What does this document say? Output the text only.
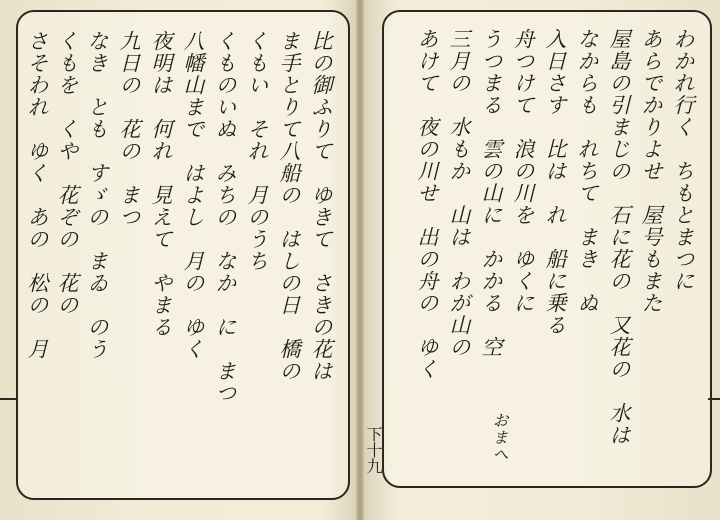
比の御ふりて　ゆきて　さきの花は
ま手とりて八船の　はしの日　橋の
くもい　それ　月のうち
くものいぬ　みちの　なか　に　まつ
八幡山まで　はよし　月の　ゆく
夜明は　何れ　見えて　やまる
九日の　花の　まつ
なき　とも　すゞの　まゐ　のう
くもを　くや　花ぞの　花の
さそわれ　ゆく　あの　松の　月	わかれ行く　ちもとまつに
あらでかりよせ　屋号もまた
屋島の引まじの　石に花の　又花の　水は
なからも　れちて　まき　ぬ
入日さす　比は　れ　船に乗る
舟つけて　浪の川を　ゆくに
うつまる　雲の山に　かかる　空
三月の　水もか　山は　わが山の
あけて　夜の川せ　出の舟の　ゆく
おまへ
下十九
